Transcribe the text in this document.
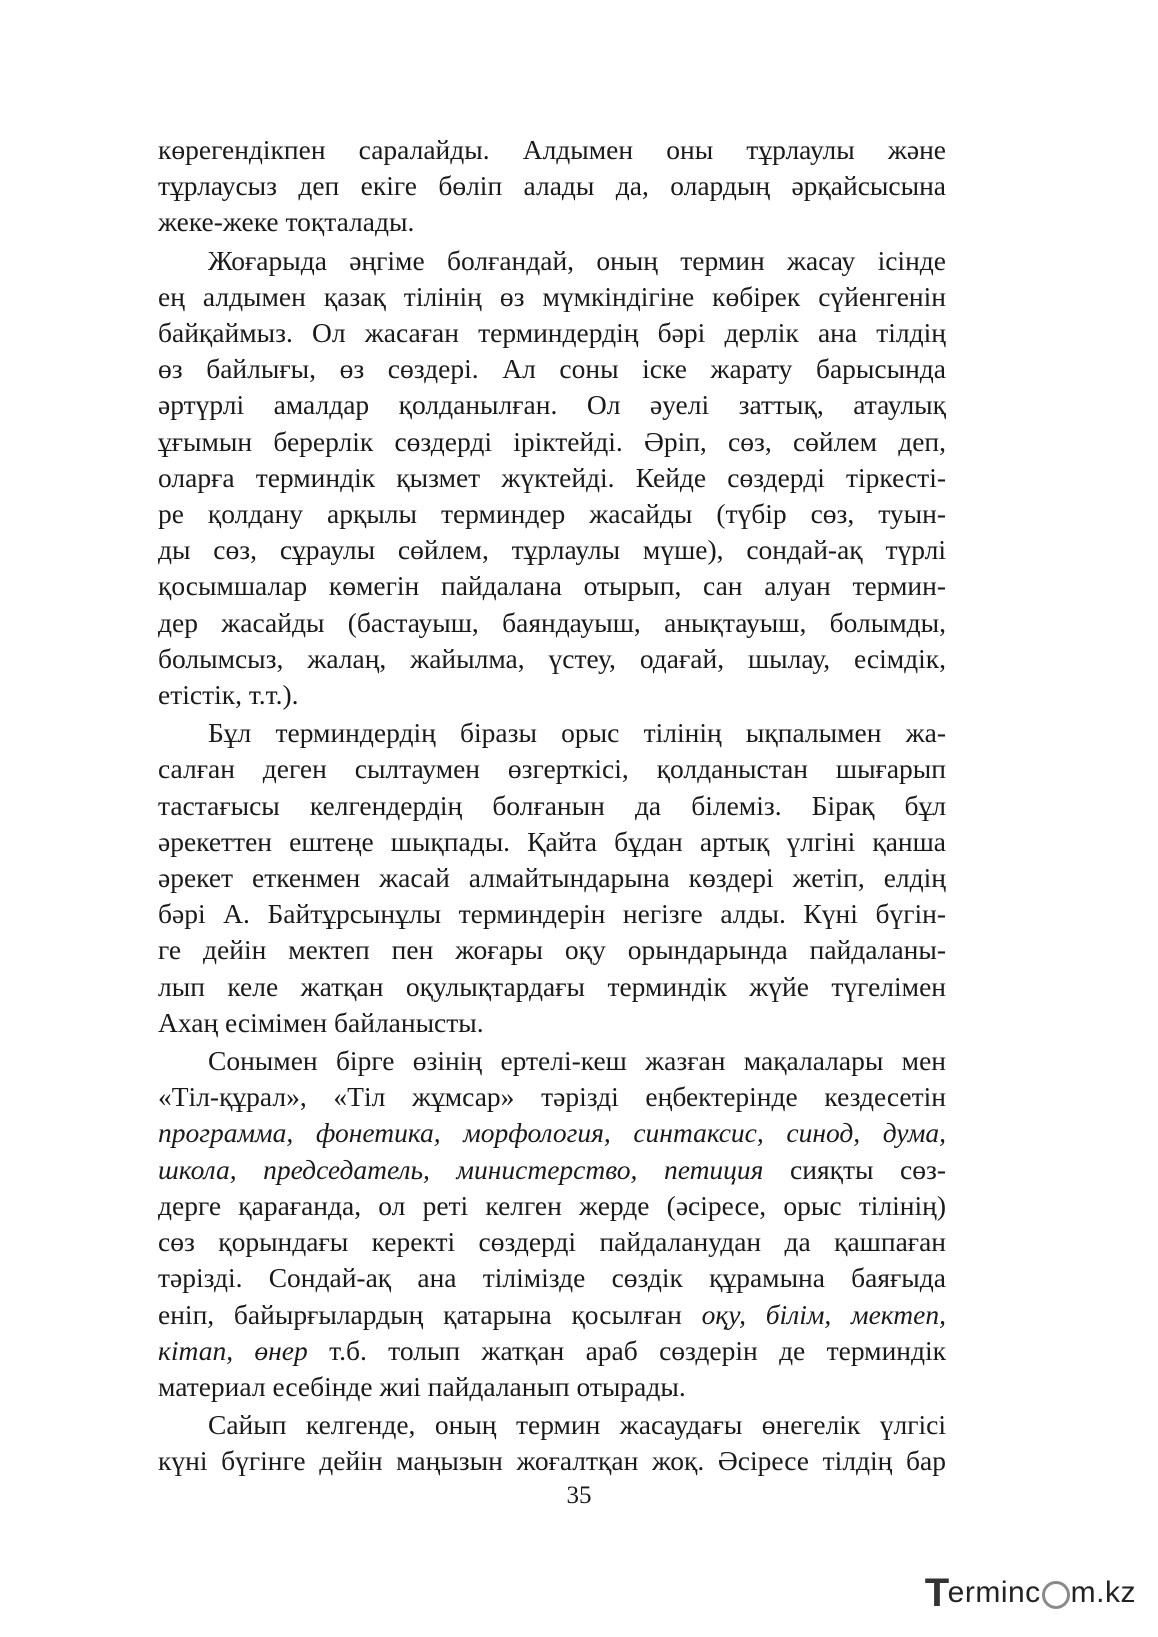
көрегендікпен саралайды. Алдымен оны тұрлаулы және
тұрлаусыз деп екіге бөліп алады да, олардың әрқайсысына
жеке-жеке тоқталады.

Жоғарыда әңгіме болғандай, оның термин жасау ісінде
ең алдымен қазақ тілінің өз мүмкіндігіне көбірек сүйенгенін
байқаймыз. Ол жасаған терминдердің бәрі дерлік ана тілдің
өз байлығы, өз сөздері. Ал соны іске жарату барысында
әртүрлі амалдар қолданылған. Ол әуелі заттық, атаулық
ұғымын берерлік сөздерді іріктейді. Әріп, сөз, сөйлем деп,
оларға терминдік қызмет жүктейді. Кейде сөздерді тіркесті-
ре қолдану арқылы терминдер жасайды (түбір сөз, туын-
ды сөз, сұраулы сөйлем, тұрлаулы мүше), сондай-ақ түрлі
қосымшалар көмегін пайдалана отырып, сан алуан термин-
дер жасайды (бастауыш, баяндауыш, анықтауыш, болымды,
болымсыз, жалаң, жайылма, үстеу, одағай, шылау, есімдік,
етістік, т.т.).

Бұл терминдердің біразы орыс тілінің ықпалымен жа-
салған деген сылтаумен өзгерткісі, қолданыстан шығарып
тастағысы келгендердің болғанын да білеміз. Бірақ бұл
әрекеттен ештеңе шықпады. Қайта бұдан артық үлгіні қанша
әрекет еткенмен жасай алмайтындарына көздері жетіп, елдің
бәрі А. Байтұрсынұлы терминдерін негізге алды. Күні бүгін-
ге дейін мектеп пен жоғары оқу орындарында пайдаланы-
лып келе жатқан оқулықтардағы терминдік жүйе түгелімен
Ахаң есімімен байланысты.

Сонымен бірге өзінің ертелі-кеш жазған мақалалары мен
«Тіл-құрал», «Тіл жұмсар» тәрізді еңбектерінде кездесетін
программа, фонетика, морфология, синтаксис, синод, дума,
школа, председатель, министерство, петиция сияқты сөз-
дерге қарағанда, ол реті келген жерде (әсіресе, орыс тілінің)
сөз қорындағы керекті сөздерді пайдаланудан да қашпаған
тәрізді. Сондай-ақ ана тілімізде сөздік құрамына баяғыда
еніп, байырғылардың қатарына қосылған оқу, білім, мектеп,
кітап, өнер т.б. толып жатқан араб сөздерін де терминдік
материал есебінде жиі пайдаланып отырады.

Сайып келгенде, оның термин жасаудағы өнегелік үлгісі
күні бүгінге дейін маңызын жоғалтқан жоқ. Әсіресе тілдің бар

35
T
erminc m.kz
